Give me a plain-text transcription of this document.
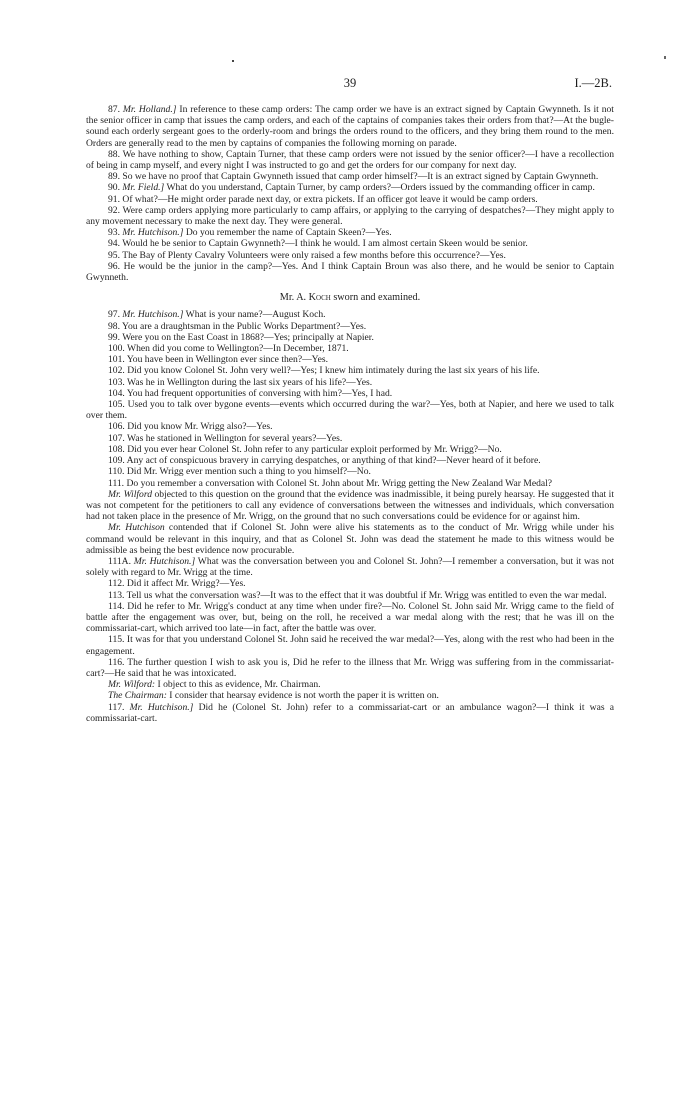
39	I.—2B.

87. Mr. Holland.] In reference to these camp orders: The camp order we have is an extract signed by Captain Gwynneth. Is it not the senior officer in camp that issues the camp orders, and each of the captains of companies takes their orders from that?—At the bugle-sound each orderly sergeant goes to the orderly-room and brings the orders round to the officers, and they bring them round to the men. Orders are generally read to the men by captains of companies the following morning on parade.

88. We have nothing to show, Captain Turner, that these camp orders were not issued by the senior officer?—I have a recollection of being in camp myself, and every night I was instructed to go and get the orders for our company for next day.

89. So we have no proof that Captain Gwynneth issued that camp order himself?—It is an extract signed by Captain Gwynneth.

90. Mr. Field.] What do you understand, Captain Turner, by camp orders?—Orders issued by the commanding officer in camp.

91. Of what?—He might order parade next day, or extra pickets. If an officer got leave it would be camp orders.

92. Were camp orders applying more particularly to camp affairs, or applying to the carrying of despatches?—They might apply to any movement necessary to make the next day. They were general.

93. Mr. Hutchison.] Do you remember the name of Captain Skeen?—Yes.

94. Would he be senior to Captain Gwynneth?—I think he would. I am almost certain Skeen would be senior.

95. The Bay of Plenty Cavalry Volunteers were only raised a few months before this occurrence?—Yes.

96. He would be the junior in the camp?—Yes. And I think Captain Broun was also there, and he would be senior to Captain Gwynneth.

Mr. A. Koch sworn and examined.

97. Mr. Hutchison.] What is your name?—August Koch.

98. You are a draughtsman in the Public Works Department?—Yes.

99. Were you on the East Coast in 1868?—Yes; principally at Napier.

100. When did you come to Wellington?—In December, 1871.

101. You have been in Wellington ever since then?—Yes.

102. Did you know Colonel St. John very well?—Yes; I knew him intimately during the last six years of his life.

103. Was he in Wellington during the last six years of his life?—Yes.

104. You had frequent opportunities of conversing with him?—Yes, I had.

105. Used you to talk over bygone events—events which occurred during the war?—Yes, both at Napier, and here we used to talk over them.

106. Did you know Mr. Wrigg also?—Yes.

107. Was he stationed in Wellington for several years?—Yes.

108. Did you ever hear Colonel St. John refer to any particular exploit performed by Mr. Wrigg?—No.

109. Any act of conspicuous bravery in carrying despatches, or anything of that kind?—Never heard of it before.

110. Did Mr. Wrigg ever mention such a thing to you himself?—No.

111. Do you remember a conversation with Colonel St. John about Mr. Wrigg getting the New Zealand War Medal?

Mr. Wilford objected to this question on the ground that the evidence was inadmissible, it being purely hearsay. He suggested that it was not competent for the petitioners to call any evidence of conversations between the witnesses and individuals, which conversation had not taken place in the presence of Mr. Wrigg, on the ground that no such conversations could be evidence for or against him.

Mr. Hutchison contended that if Colonel St. John were alive his statements as to the conduct of Mr. Wrigg while under his command would be relevant in this inquiry, and that as Colonel St. John was dead the statement he made to this witness would be admissible as being the best evidence now procurable.

111A. Mr. Hutchison.] What was the conversation between you and Colonel St. John?—I remember a conversation, but it was not solely with regard to Mr. Wrigg at the time.

112. Did it affect Mr. Wrigg?—Yes.

113. Tell us what the conversation was?—It was to the effect that it was doubtful if Mr. Wrigg was entitled to even the war medal.

114. Did he refer to Mr. Wrigg's conduct at any time when under fire?—No. Colonel St. John said Mr. Wrigg came to the field of battle after the engagement was over, but, being on the roll, he received a war medal along with the rest; that he was ill on the commissariat-cart, which arrived too late—in fact, after the battle was over.

115. It was for that you understand Colonel St. John said he received the war medal?—Yes, along with the rest who had been in the engagement.

116. The further question I wish to ask you is, Did he refer to the illness that Mr. Wrigg was suffering from in the commissariat-cart?—He said that he was intoxicated.

Mr. Wilford: I object to this as evidence, Mr. Chairman.

The Chairman: I consider that hearsay evidence is not worth the paper it is written on.

117. Mr. Hutchison.] Did he (Colonel St. John) refer to a commissariat-cart or an ambulance wagon?—I think it was a commissariat-cart.
